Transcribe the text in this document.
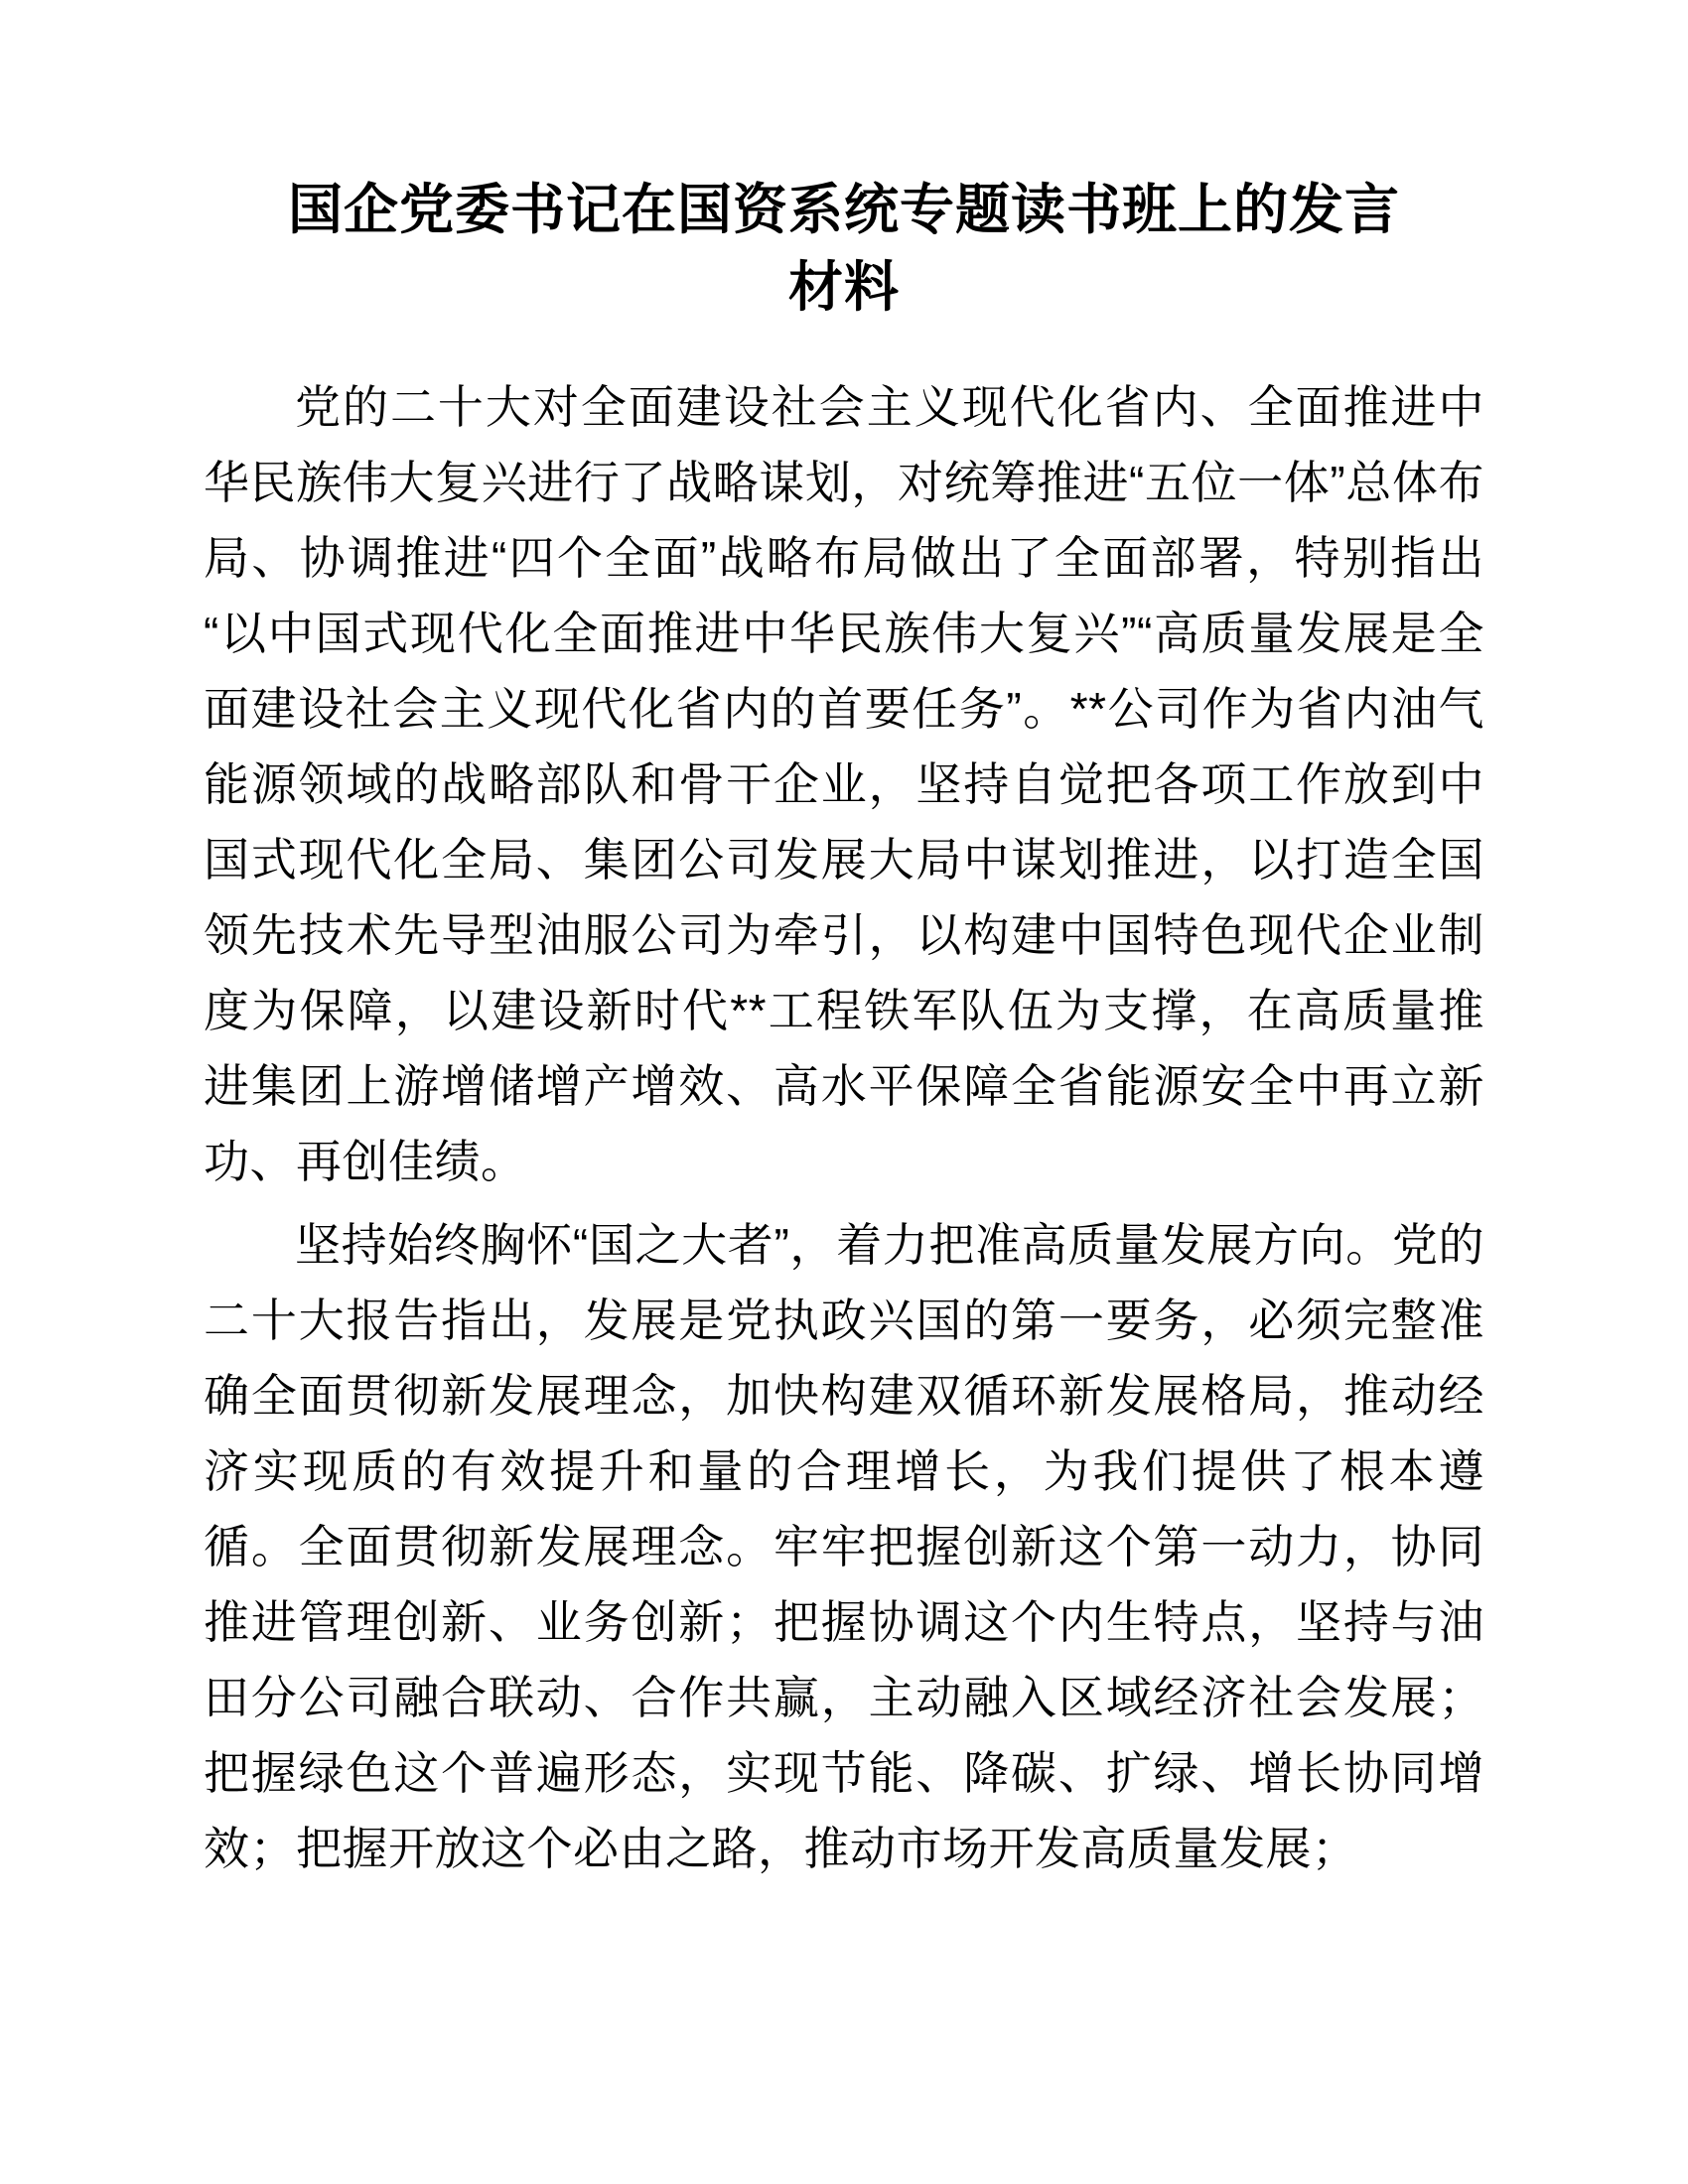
国企党委书记在国资系统专题读书班上的发言
材料

党的二十大对全面建设社会主义现代化省内、全面推进中华民族伟大复兴进行了战略谋划，对统筹推进“五位一体”总体布局、协调推进“四个全面”战略布局做出了全面部署，特别指出“以中国式现代化全面推进中华民族伟大复兴”“高质量发展是全面建设社会主义现代化省内的首要任务”。**公司作为省内油气能源领域的战略部队和骨干企业，坚持自觉把各项工作放到中国式现代化全局、集团公司发展大局中谋划推进，以打造全国领先技术先导型油服公司为牵引，以构建中国特色现代企业制度为保障，以建设新时代**工程铁军队伍为支撑，在高质量推进集团上游增储增产增效、高水平保障全省能源安全中再立新功、再创佳绩。

坚持始终胸怀“国之大者”，着力把准高质量发展方向。党的二十大报告指出，发展是党执政兴国的第一要务，必须完整准确全面贯彻新发展理念，加快构建双循环新发展格局，推动经济实现质的有效提升和量的合理增长，为我们提供了根本遵循。全面贯彻新发展理念。牢牢把握创新这个第一动力，协同推进管理创新、业务创新；把握协调这个内生特点，坚持与油田分公司融合联动、合作共赢，主动融入区域经济社会发展；把握绿色这个普遍形态，实现节能、降碳、扩绿、增长协同增效；把握开放这个必由之路，推动市场开发高质量发展；
